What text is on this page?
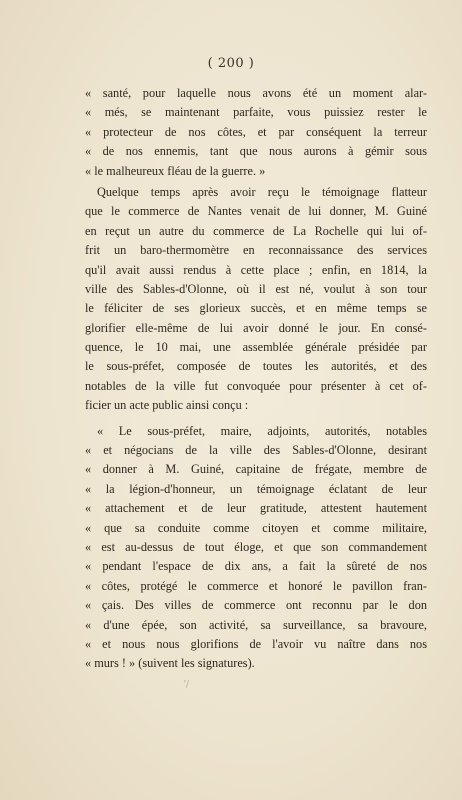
( 200 )
« santé, pour laquelle nous avons été un moment alar-
« més, se maintenant parfaite, vous puissiez rester le
« protecteur de nos côtes, et par conséquent la terreur
« de nos ennemis, tant que nous aurons à gémir sous
« le malheureux fléau de la guerre. »
Quelque temps après avoir reçu le témoignage flatteur
que le commerce de Nantes venait de lui donner, M. Guiné
en reçut un autre du commerce de La Rochelle qui lui of-
frit un baro-thermomètre en reconnaissance des services
qu'il avait aussi rendus à cette place ; enfin, en 1814, la
ville des Sables-d'Olonne, où il est né, voulut à son tour
le féliciter de ses glorieux succès, et en même temps se
glorifier elle-même de lui avoir donné le jour. En consé-
quence, le 10 mai, une assemblée générale présidée par
le sous-préfet, composée de toutes les autorités, et des
notables de la ville fut convoquée pour présenter à cet of-
ficier un acte public ainsi conçu :
« Le sous-préfet, maire, adjoints, autorités, notables
« et négocians de la ville des Sables-d'Olonne, desirant
« donner à M. Guiné, capitaine de frégate, membre de
« la légion-d'honneur, un témoignage éclatant de leur
« attachement et de leur gratitude, attestent hautement
« que sa conduite comme citoyen et comme militaire,
« est au-dessus de tout éloge, et que son commandement
« pendant l'espace de dix ans, a fait la sûreté de nos
« côtes, protégé le commerce et honoré le pavillon fran-
« çais. Des villes de commerce ont reconnu par le don
« d'une épée, son activité, sa surveillance, sa bravoure,
« et nous nous glorifions de l'avoir vu naître dans nos
« murs ! » (suivent les signatures).
ʼ/
